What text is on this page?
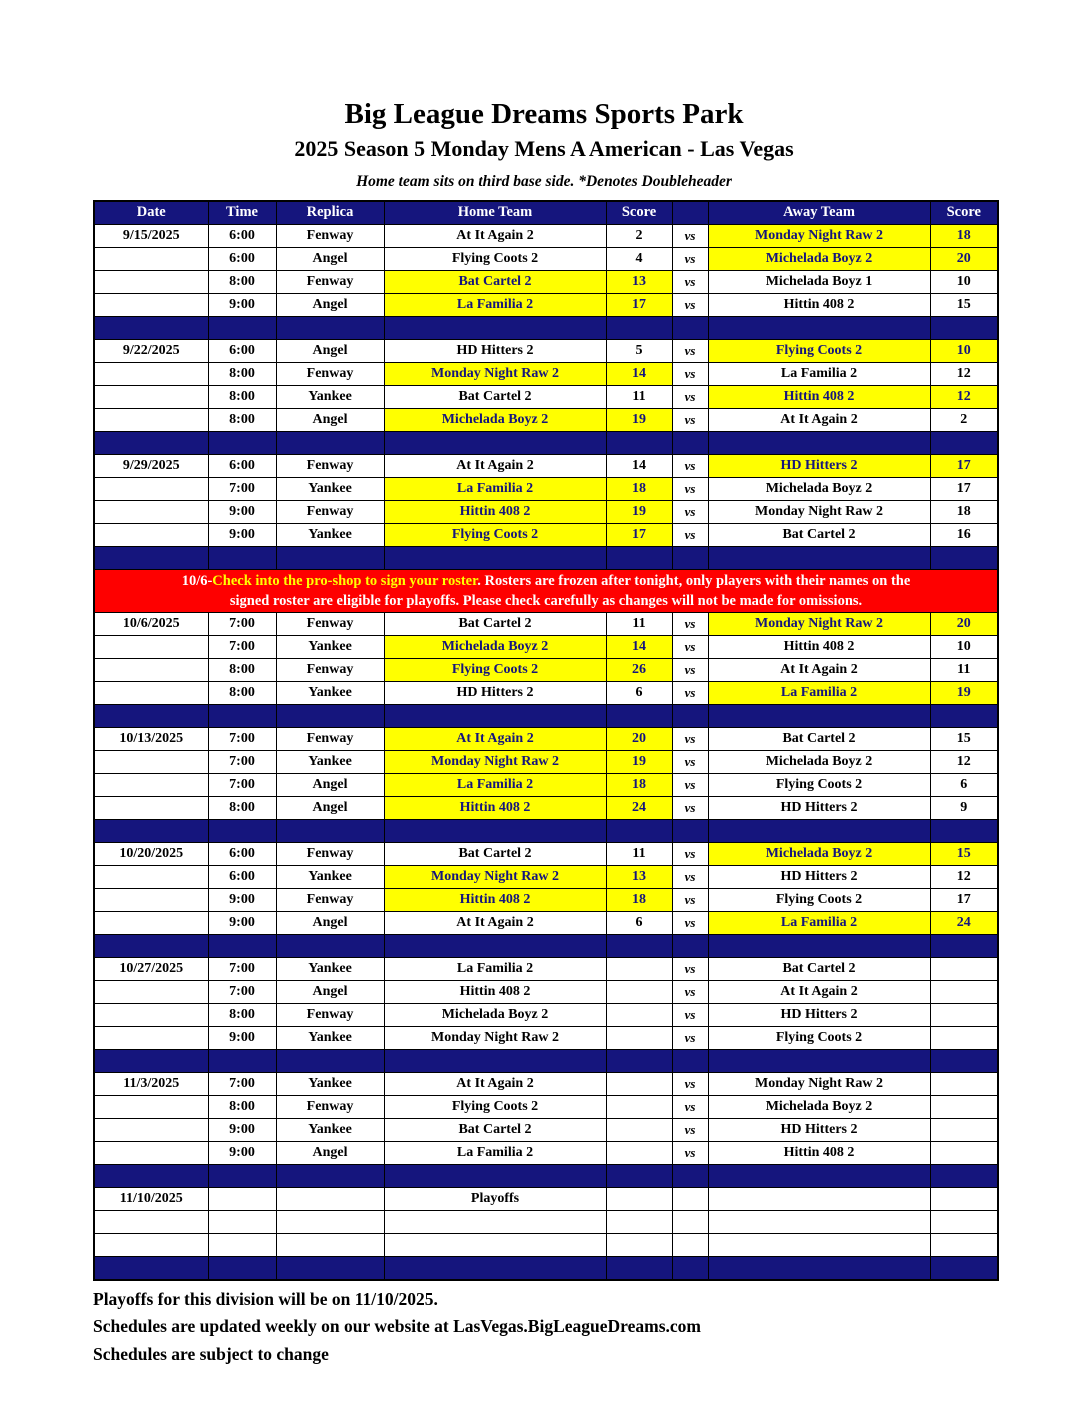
Big League Dreams Sports Park
2025 Season 5 Monday Mens A American - Las Vegas
Home team sits on third base side. *Denotes Doubleheader
Date	Time	Replica	Home Team	Score		Away Team	Score
9/15/2025	6:00	Fenway	At It Again 2	2	vs	Monday Night Raw 2	18
	6:00	Angel	Flying Coots 2	4	vs	Michelada Boyz 2	20
	8:00	Fenway	Bat Cartel 2	13	vs	Michelada Boyz 1	10
	9:00	Angel	La Familia 2	17	vs	Hittin 408 2	15

9/22/2025	6:00	Angel	HD Hitters 2	5	vs	Flying Coots 2	10
	8:00	Fenway	Monday Night Raw 2	14	vs	La Familia 2	12
	8:00	Yankee	Bat Cartel 2	11	vs	Hittin 408 2	12
	8:00	Angel	Michelada Boyz 2	19	vs	At It Again 2	2

9/29/2025	6:00	Fenway	At It Again 2	14	vs	HD Hitters 2	17
	7:00	Yankee	La Familia 2	18	vs	Michelada Boyz 2	17
	9:00	Fenway	Hittin 408 2	19	vs	Monday Night Raw 2	18
	9:00	Yankee	Flying Coots 2	17	vs	Bat Cartel 2	16

10/6-Check into the pro-shop to sign your roster. Rosters are frozen after tonight, only players with their names on the
signed roster are eligible for playoffs. Please check carefully as changes will not be made for omissions.							

10/6/2025	7:00	Fenway	Bat Cartel 2	11	vs	Monday Night Raw 2	20
	7:00	Yankee	Michelada Boyz 2	14	vs	Hittin 408 2	10
	8:00	Fenway	Flying Coots 2	26	vs	At It Again 2	11
	8:00	Yankee	HD Hitters 2	6	vs	La Familia 2	19

10/13/2025	7:00	Fenway	At It Again 2	20	vs	Bat Cartel 2	15
	7:00	Yankee	Monday Night Raw 2	19	vs	Michelada Boyz 2	12
	7:00	Angel	La Familia 2	18	vs	Flying Coots 2	6
	8:00	Angel	Hittin 408 2	24	vs	HD Hitters 2	9

10/20/2025	6:00	Fenway	Bat Cartel 2	11	vs	Michelada Boyz 2	15
	6:00	Yankee	Monday Night Raw 2	13	vs	HD Hitters 2	12
	9:00	Fenway	Hittin 408 2	18	vs	Flying Coots 2	17
	9:00	Angel	At It Again 2	6	vs	La Familia 2	24

10/27/2025	7:00	Yankee	La Familia 2		vs	Bat Cartel 2	
	7:00	Angel	Hittin 408 2		vs	At It Again 2	
	8:00	Fenway	Michelada Boyz 2		vs	HD Hitters 2	
	9:00	Yankee	Monday Night Raw 2		vs	Flying Coots 2	

11/3/2025	7:00	Yankee	At It Again 2		vs	Monday Night Raw 2	
	8:00	Fenway	Flying Coots 2		vs	Michelada Boyz 2	
	9:00	Yankee	Bat Cartel 2		vs	HD Hitters 2	
	9:00	Angel	La Familia 2		vs	Hittin 408 2	

11/10/2025			Playoffs				

Playoffs for this division will be on 11/10/2025.
Schedules are updated weekly on our website at LasVegas.BigLeagueDreams.com
Schedules are subject to change
